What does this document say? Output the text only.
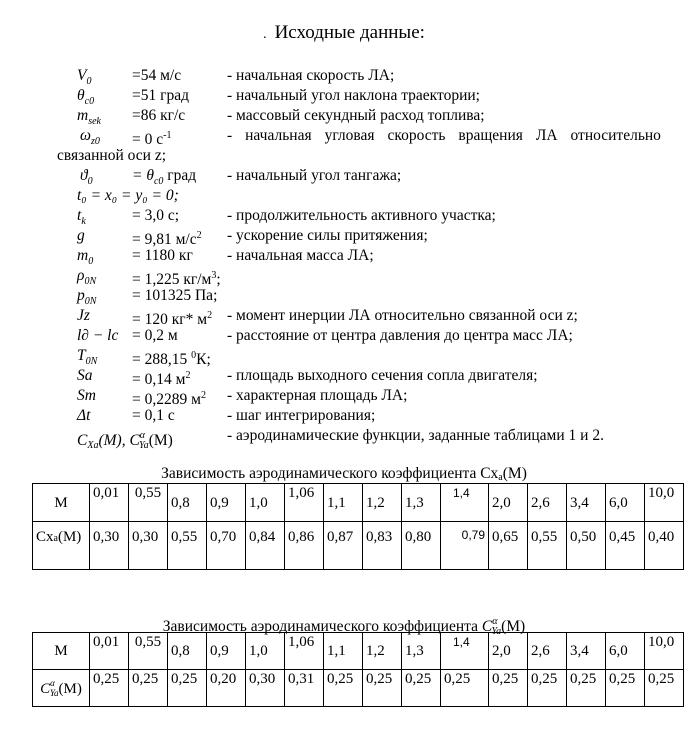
. Исходные данные:
$V_0$	=54 м/с	- начальная скорость ЛА;
$\theta_{c0} =51$ град - начальный угол наклона траектории;
$m_{sek} =86$ кг/с	- массовый секундный расход топлива;
$\omega_{z0} = 0$ $с^{-1}$	- начальная угловая скорость вращения ЛА относительно
связанной оси z;
$ϑ_0$	= $\theta_{c0}$ град - начальный угол тангажа;
t₀ = x₀ = y₀ = 0;
$t_k$	= 3,0 с;	- продолжительность активного участка;
g	= 9,81 $м/с^2$ - ускорение силы притяжения;
$m_0$	= 1180 кг - начальная масса ЛА;
$\rho_{0N} = 1,225$ $кг/м^3$;
$p_{0N} = 101325$ Па;
Jz	= 120 кг* $м^2$ - момент инерции ЛА относительно связанной оси z;
l∂ − lc = 0,2 м	- расстояние от центра давления до центра масс ЛА;
$T_{0N} = 288,15$ $^0$К;
Sa	= 0,14 $м^2$ - площадь выходного сечения сопла двигателя;
Sm = 0,2289 $м^2$ - характерная площадь ЛА;
Δt	= 0,1 с	- шаг интегрирования;
CXa(M), $C^\alpha Ya(M)$	- аэродинамические функции, заданные таблицами 1 и 2.
Зависимость аэродинамического коэффициента Cxa(M)
M	0,01	0,55	0,8	0,9	1,0	1,06	1,1	1,2	1,3	1,4	2,0	2,6	3,4	6,0	10,0
Cxa(M)	0,30	0,30	0,55	0,70	0,84	0,86	0,87	0,83	0,80	0,79	0,65	0,55	0,50	0,45	0,40
Зависимость аэродинамического коэффициента $C^\alpha Ya(M)$
M	0,01	0,55	0,8	0,9	1,0	1,06	1,1	1,2	1,3	1,4	2,0	2,6	3,4	6,0	10,0
$C^\alpha_{Ya}(M)$	0,25	0,25	0,25	0,20	0,30	0,31	0,25	0,25	0,25	0,25	0,25	0,25	0,25	0,25	0,25
